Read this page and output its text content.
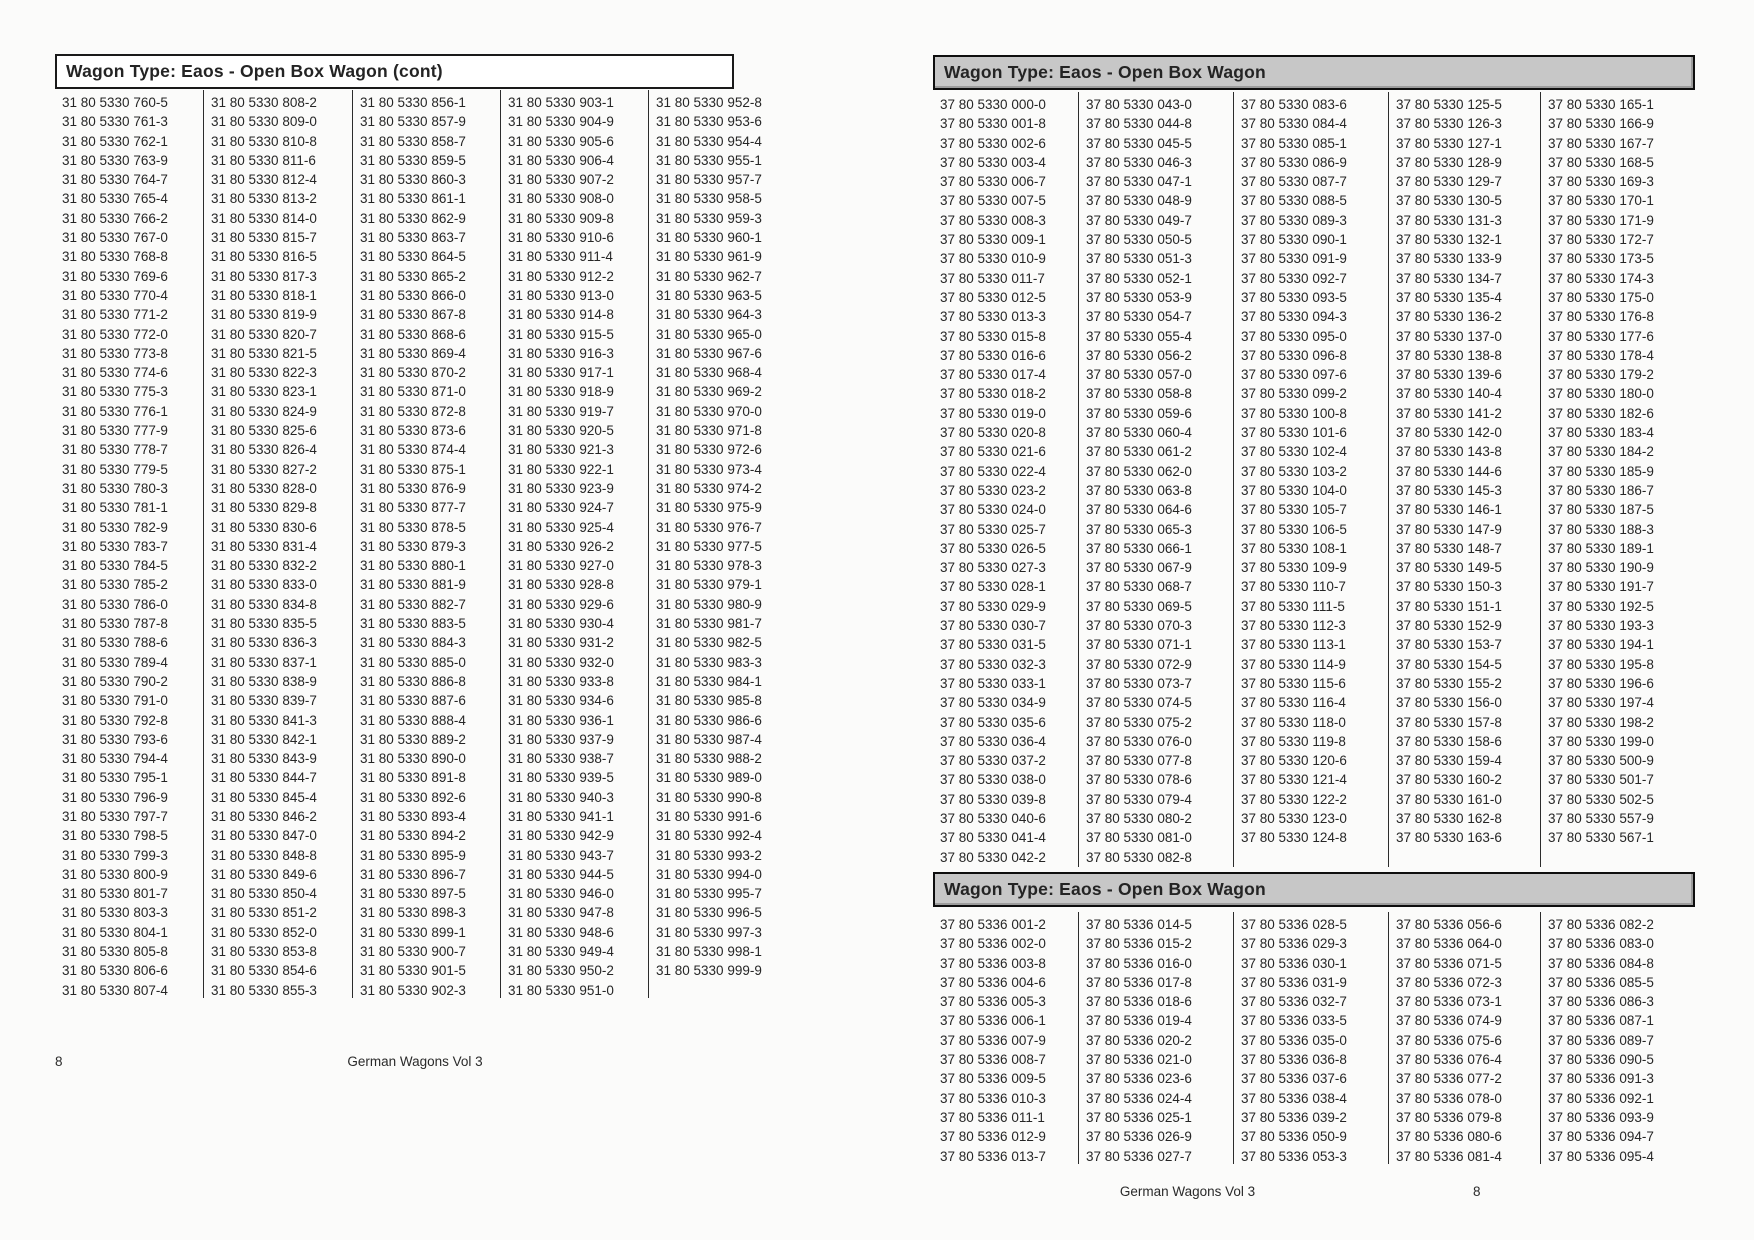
Wagon Type: Eaos - Open Box Wagon (cont)
31 80 5330 760-5
31 80 5330 761-3
31 80 5330 762-1
31 80 5330 763-9
31 80 5330 764-7
31 80 5330 765-4
31 80 5330 766-2
31 80 5330 767-0
31 80 5330 768-8
31 80 5330 769-6
31 80 5330 770-4
31 80 5330 771-2
31 80 5330 772-0
31 80 5330 773-8
31 80 5330 774-6
31 80 5330 775-3
31 80 5330 776-1
31 80 5330 777-9
31 80 5330 778-7
31 80 5330 779-5
31 80 5330 780-3
31 80 5330 781-1
31 80 5330 782-9
31 80 5330 783-7
31 80 5330 784-5
31 80 5330 785-2
31 80 5330 786-0
31 80 5330 787-8
31 80 5330 788-6
31 80 5330 789-4
31 80 5330 790-2
31 80 5330 791-0
31 80 5330 792-8
31 80 5330 793-6
31 80 5330 794-4
31 80 5330 795-1
31 80 5330 796-9
31 80 5330 797-7
31 80 5330 798-5
31 80 5330 799-3
31 80 5330 800-9
31 80 5330 801-7
31 80 5330 803-3
31 80 5330 804-1
31 80 5330 805-8
31 80 5330 806-6
31 80 5330 807-4
31 80 5330 808-2
31 80 5330 809-0
31 80 5330 810-8
31 80 5330 811-6
31 80 5330 812-4
31 80 5330 813-2
31 80 5330 814-0
31 80 5330 815-7
31 80 5330 816-5
31 80 5330 817-3
31 80 5330 818-1
31 80 5330 819-9
31 80 5330 820-7
31 80 5330 821-5
31 80 5330 822-3
31 80 5330 823-1
31 80 5330 824-9
31 80 5330 825-6
31 80 5330 826-4
31 80 5330 827-2
31 80 5330 828-0
31 80 5330 829-8
31 80 5330 830-6
31 80 5330 831-4
31 80 5330 832-2
31 80 5330 833-0
31 80 5330 834-8
31 80 5330 835-5
31 80 5330 836-3
31 80 5330 837-1
31 80 5330 838-9
31 80 5330 839-7
31 80 5330 841-3
31 80 5330 842-1
31 80 5330 843-9
31 80 5330 844-7
31 80 5330 845-4
31 80 5330 846-2
31 80 5330 847-0
31 80 5330 848-8
31 80 5330 849-6
31 80 5330 850-4
31 80 5330 851-2
31 80 5330 852-0
31 80 5330 853-8
31 80 5330 854-6
31 80 5330 855-3
31 80 5330 856-1
31 80 5330 857-9
31 80 5330 858-7
31 80 5330 859-5
31 80 5330 860-3
31 80 5330 861-1
31 80 5330 862-9
31 80 5330 863-7
31 80 5330 864-5
31 80 5330 865-2
31 80 5330 866-0
31 80 5330 867-8
31 80 5330 868-6
31 80 5330 869-4
31 80 5330 870-2
31 80 5330 871-0
31 80 5330 872-8
31 80 5330 873-6
31 80 5330 874-4
31 80 5330 875-1
31 80 5330 876-9
31 80 5330 877-7
31 80 5330 878-5
31 80 5330 879-3
31 80 5330 880-1
31 80 5330 881-9
31 80 5330 882-7
31 80 5330 883-5
31 80 5330 884-3
31 80 5330 885-0
31 80 5330 886-8
31 80 5330 887-6
31 80 5330 888-4
31 80 5330 889-2
31 80 5330 890-0
31 80 5330 891-8
31 80 5330 892-6
31 80 5330 893-4
31 80 5330 894-2
31 80 5330 895-9
31 80 5330 896-7
31 80 5330 897-5
31 80 5330 898-3
31 80 5330 899-1
31 80 5330 900-7
31 80 5330 901-5
31 80 5330 902-3
31 80 5330 903-1
31 80 5330 904-9
31 80 5330 905-6
31 80 5330 906-4
31 80 5330 907-2
31 80 5330 908-0
31 80 5330 909-8
31 80 5330 910-6
31 80 5330 911-4
31 80 5330 912-2
31 80 5330 913-0
31 80 5330 914-8
31 80 5330 915-5
31 80 5330 916-3
31 80 5330 917-1
31 80 5330 918-9
31 80 5330 919-7
31 80 5330 920-5
31 80 5330 921-3
31 80 5330 922-1
31 80 5330 923-9
31 80 5330 924-7
31 80 5330 925-4
31 80 5330 926-2
31 80 5330 927-0
31 80 5330 928-8
31 80 5330 929-6
31 80 5330 930-4
31 80 5330 931-2
31 80 5330 932-0
31 80 5330 933-8
31 80 5330 934-6
31 80 5330 936-1
31 80 5330 937-9
31 80 5330 938-7
31 80 5330 939-5
31 80 5330 940-3
31 80 5330 941-1
31 80 5330 942-9
31 80 5330 943-7
31 80 5330 944-5
31 80 5330 946-0
31 80 5330 947-8
31 80 5330 948-6
31 80 5330 949-4
31 80 5330 950-2
31 80 5330 951-0
31 80 5330 952-8
31 80 5330 953-6
31 80 5330 954-4
31 80 5330 955-1
31 80 5330 957-7
31 80 5330 958-5
31 80 5330 959-3
31 80 5330 960-1
31 80 5330 961-9
31 80 5330 962-7
31 80 5330 963-5
31 80 5330 964-3
31 80 5330 965-0
31 80 5330 967-6
31 80 5330 968-4
31 80 5330 969-2
31 80 5330 970-0
31 80 5330 971-8
31 80 5330 972-6
31 80 5330 973-4
31 80 5330 974-2
31 80 5330 975-9
31 80 5330 976-7
31 80 5330 977-5
31 80 5330 978-3
31 80 5330 979-1
31 80 5330 980-9
31 80 5330 981-7
31 80 5330 982-5
31 80 5330 983-3
31 80 5330 984-1
31 80 5330 985-8
31 80 5330 986-6
31 80 5330 987-4
31 80 5330 988-2
31 80 5330 989-0
31 80 5330 990-8
31 80 5330 991-6
31 80 5330 992-4
31 80 5330 993-2
31 80 5330 994-0
31 80 5330 995-7
31 80 5330 996-5
31 80 5330 997-3
31 80 5330 998-1
31 80 5330 999-9
8	German Wagons Vol 3
Wagon Type: Eaos - Open Box Wagon
37 80 5330 000-0
37 80 5330 001-8
37 80 5330 002-6
37 80 5330 003-4
37 80 5330 006-7
37 80 5330 007-5
37 80 5330 008-3
37 80 5330 009-1
37 80 5330 010-9
37 80 5330 011-7
37 80 5330 012-5
37 80 5330 013-3
37 80 5330 015-8
37 80 5330 016-6
37 80 5330 017-4
37 80 5330 018-2
37 80 5330 019-0
37 80 5330 020-8
37 80 5330 021-6
37 80 5330 022-4
37 80 5330 023-2
37 80 5330 024-0
37 80 5330 025-7
37 80 5330 026-5
37 80 5330 027-3
37 80 5330 028-1
37 80 5330 029-9
37 80 5330 030-7
37 80 5330 031-5
37 80 5330 032-3
37 80 5330 033-1
37 80 5330 034-9
37 80 5330 035-6
37 80 5330 036-4
37 80 5330 037-2
37 80 5330 038-0
37 80 5330 039-8
37 80 5330 040-6
37 80 5330 041-4
37 80 5330 042-2
37 80 5330 043-0
37 80 5330 044-8
37 80 5330 045-5
37 80 5330 046-3
37 80 5330 047-1
37 80 5330 048-9
37 80 5330 049-7
37 80 5330 050-5
37 80 5330 051-3
37 80 5330 052-1
37 80 5330 053-9
37 80 5330 054-7
37 80 5330 055-4
37 80 5330 056-2
37 80 5330 057-0
37 80 5330 058-8
37 80 5330 059-6
37 80 5330 060-4
37 80 5330 061-2
37 80 5330 062-0
37 80 5330 063-8
37 80 5330 064-6
37 80 5330 065-3
37 80 5330 066-1
37 80 5330 067-9
37 80 5330 068-7
37 80 5330 069-5
37 80 5330 070-3
37 80 5330 071-1
37 80 5330 072-9
37 80 5330 073-7
37 80 5330 074-5
37 80 5330 075-2
37 80 5330 076-0
37 80 5330 077-8
37 80 5330 078-6
37 80 5330 079-4
37 80 5330 080-2
37 80 5330 081-0
37 80 5330 082-8
37 80 5330 083-6
37 80 5330 084-4
37 80 5330 085-1
37 80 5330 086-9
37 80 5330 087-7
37 80 5330 088-5
37 80 5330 089-3
37 80 5330 090-1
37 80 5330 091-9
37 80 5330 092-7
37 80 5330 093-5
37 80 5330 094-3
37 80 5330 095-0
37 80 5330 096-8
37 80 5330 097-6
37 80 5330 099-2
37 80 5330 100-8
37 80 5330 101-6
37 80 5330 102-4
37 80 5330 103-2
37 80 5330 104-0
37 80 5330 105-7
37 80 5330 106-5
37 80 5330 108-1
37 80 5330 109-9
37 80 5330 110-7
37 80 5330 111-5
37 80 5330 112-3
37 80 5330 113-1
37 80 5330 114-9
37 80 5330 115-6
37 80 5330 116-4
37 80 5330 118-0
37 80 5330 119-8
37 80 5330 120-6
37 80 5330 121-4
37 80 5330 122-2
37 80 5330 123-0
37 80 5330 124-8
37 80 5330 125-5
37 80 5330 126-3
37 80 5330 127-1
37 80 5330 128-9
37 80 5330 129-7
37 80 5330 130-5
37 80 5330 131-3
37 80 5330 132-1
37 80 5330 133-9
37 80 5330 134-7
37 80 5330 135-4
37 80 5330 136-2
37 80 5330 137-0
37 80 5330 138-8
37 80 5330 139-6
37 80 5330 140-4
37 80 5330 141-2
37 80 5330 142-0
37 80 5330 143-8
37 80 5330 144-6
37 80 5330 145-3
37 80 5330 146-1
37 80 5330 147-9
37 80 5330 148-7
37 80 5330 149-5
37 80 5330 150-3
37 80 5330 151-1
37 80 5330 152-9
37 80 5330 153-7
37 80 5330 154-5
37 80 5330 155-2
37 80 5330 156-0
37 80 5330 157-8
37 80 5330 158-6
37 80 5330 159-4
37 80 5330 160-2
37 80 5330 161-0
37 80 5330 162-8
37 80 5330 163-6
37 80 5330 165-1
37 80 5330 166-9
37 80 5330 167-7
37 80 5330 168-5
37 80 5330 169-3
37 80 5330 170-1
37 80 5330 171-9
37 80 5330 172-7
37 80 5330 173-5
37 80 5330 174-3
37 80 5330 175-0
37 80 5330 176-8
37 80 5330 177-6
37 80 5330 178-4
37 80 5330 179-2
37 80 5330 180-0
37 80 5330 182-6
37 80 5330 183-4
37 80 5330 184-2
37 80 5330 185-9
37 80 5330 186-7
37 80 5330 187-5
37 80 5330 188-3
37 80 5330 189-1
37 80 5330 190-9
37 80 5330 191-7
37 80 5330 192-5
37 80 5330 193-3
37 80 5330 194-1
37 80 5330 195-8
37 80 5330 196-6
37 80 5330 197-4
37 80 5330 198-2
37 80 5330 199-0
37 80 5330 500-9
37 80 5330 501-7
37 80 5330 502-5
37 80 5330 557-9
37 80 5330 567-1
Wagon Type: Eaos - Open Box Wagon
37 80 5336 001-2
37 80 5336 002-0
37 80 5336 003-8
37 80 5336 004-6
37 80 5336 005-3
37 80 5336 006-1
37 80 5336 007-9
37 80 5336 008-7
37 80 5336 009-5
37 80 5336 010-3
37 80 5336 011-1
37 80 5336 012-9
37 80 5336 013-7
37 80 5336 014-5
37 80 5336 015-2
37 80 5336 016-0
37 80 5336 017-8
37 80 5336 018-6
37 80 5336 019-4
37 80 5336 020-2
37 80 5336 021-0
37 80 5336 023-6
37 80 5336 024-4
37 80 5336 025-1
37 80 5336 026-9
37 80 5336 027-7
37 80 5336 028-5
37 80 5336 029-3
37 80 5336 030-1
37 80 5336 031-9
37 80 5336 032-7
37 80 5336 033-5
37 80 5336 035-0
37 80 5336 036-8
37 80 5336 037-6
37 80 5336 038-4
37 80 5336 039-2
37 80 5336 050-9
37 80 5336 053-3
37 80 5336 056-6
37 80 5336 064-0
37 80 5336 071-5
37 80 5336 072-3
37 80 5336 073-1
37 80 5336 074-9
37 80 5336 075-6
37 80 5336 076-4
37 80 5336 077-2
37 80 5336 078-0
37 80 5336 079-8
37 80 5336 080-6
37 80 5336 081-4
37 80 5336 082-2
37 80 5336 083-0
37 80 5336 084-8
37 80 5336 085-5
37 80 5336 086-3
37 80 5336 087-1
37 80 5336 089-7
37 80 5336 090-5
37 80 5336 091-3
37 80 5336 092-1
37 80 5336 093-9
37 80 5336 094-7
37 80 5336 095-4
German Wagons Vol 3	8
